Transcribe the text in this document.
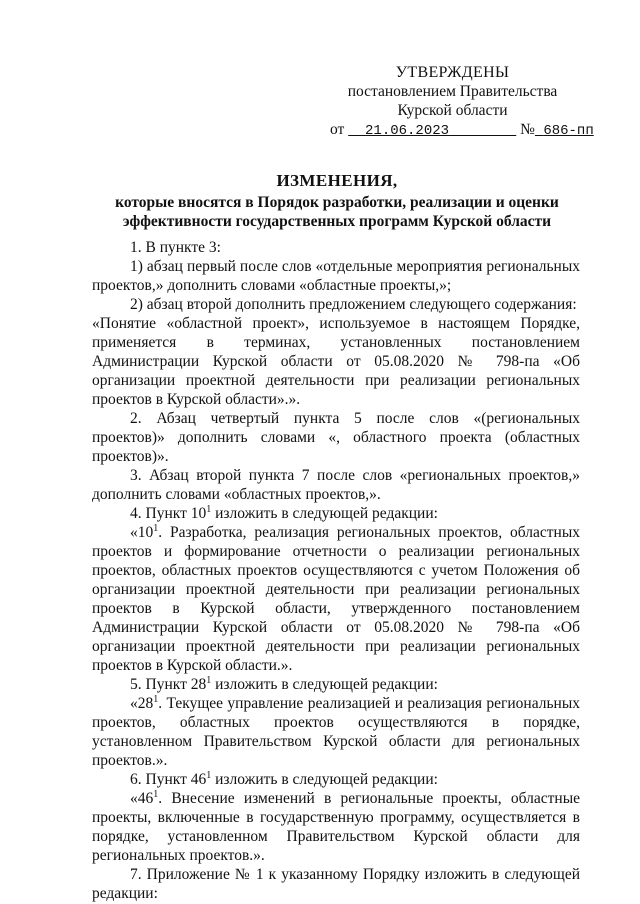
УТВЕРЖДЕНЫ
постановлением Правительства
Курской области
от 21.06.2023	№ 686-пп
ИЗМЕНЕНИЯ,
которые вносятся в Порядок разработки, реализации и оценки эффективности государственных программ Курской области

1. В пункте 3:

1) абзац первый после слов «отдельные мероприятия региональных проектов,» дополнить словами «областные проекты,»;

2) абзац второй дополнить предложением следующего содержания:

«Понятие «областной проект», используемое в настоящем Порядке, применяется в терминах, установленных постановлением Администрации Курской области от 05.08.2020 № 798-па «Об организации проектной деятельности при реализации региональных проектов в Курской области».».

2. Абзац четвертый пункта 5 после слов «(региональных проектов)» дополнить словами «, областного проекта (областных проектов)».

3. Абзац второй пункта 7 после слов «региональных проектов,» дополнить словами «областных проектов,».

4. Пункт $10^1$ изложить в следующей редакции:

«$10^1$. Разработка, реализация региональных проектов, областных проектов и формирование отчетности о реализации региональных проектов, областных проектов осуществляются с учетом Положения об организации проектной деятельности при реализации региональных проектов в Курской области, утвержденного постановлением Администрации Курской области от 05.08.2020 № 798-па «Об организации проектной деятельности при реализации региональных проектов в Курской области.».

5. Пункт $28^1$ изложить в следующей редакции:

«$28^1$. Текущее управление реализацией и реализация региональных проектов, областных проектов осуществляются в порядке, установленном Правительством Курской области для региональных проектов.».

6. Пункт $46^1$ изложить в следующей редакции:

«$46^1$. Внесение изменений в региональные проекты, областные проекты, включенные в государственную программу, осуществляется в порядке, установленном Правительством Курской области для региональных проектов.».

7. Приложение № 1 к указанному Порядку изложить в следующей редакции:
